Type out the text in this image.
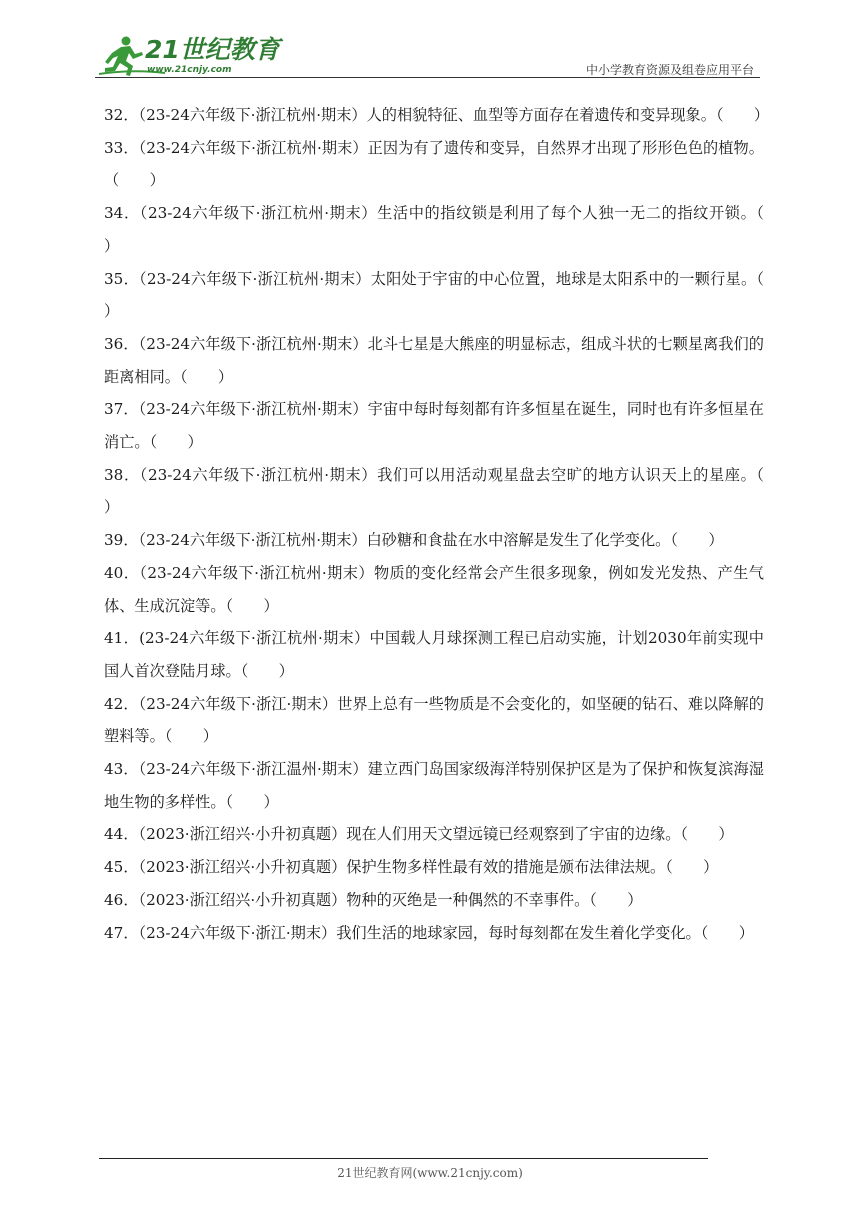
21世纪教育
www.21cnjy.com	中小学教育资源及组卷应用平台
32．（23-24六年级下·浙江杭州·期末）人的相貌特征、血型等方面存在着遗传和变异现象。（　　）
33．（23-24六年级下·浙江杭州·期末）正因为有了遗传和变异，自然界才出现了形形色色的植物。（　　）
34．（23-24六年级下·浙江杭州·期末）生活中的指纹锁是利用了每个人独一无二的指纹开锁。（　　）
35．（23-24六年级下·浙江杭州·期末）太阳处于宇宙的中心位置，地球是太阳系中的一颗行星。（　　）
36．（23-24六年级下·浙江杭州·期末）北斗七星是大熊座的明显标志，组成斗状的七颗星离我们的距离相同。（　　）
37．（23-24六年级下·浙江杭州·期末）宇宙中每时每刻都有许多恒星在诞生，同时也有许多恒星在消亡。（　　）
38．（23-24六年级下·浙江杭州·期末）我们可以用活动观星盘去空旷的地方认识天上的星座。（　　）
39．（23-24六年级下·浙江杭州·期末）白砂糖和食盐在水中溶解是发生了化学变化。（　　）
40．（23-24六年级下·浙江杭州·期末）物质的变化经常会产生很多现象，例如发光发热、产生气体、生成沉淀等。（　　）
41．(23-24六年级下·浙江杭州·期末）中国载人月球探测工程已启动实施，计划2030年前实现中国人首次登陆月球。（　　）
42．（23-24六年级下·浙江·期末）世界上总有一些物质是不会变化的，如坚硬的钻石、难以降解的塑料等。（　　）
43．（23-24六年级下·浙江温州·期末）建立西门岛国家级海洋特别保护区是为了保护和恢复滨海湿地生物的多样性。（　　）
44．（2023·浙江绍兴·小升初真题）现在人们用天文望远镜已经观察到了宇宙的边缘。（　　）
45．（2023·浙江绍兴·小升初真题）保护生物多样性最有效的措施是颁布法律法规。（　　）
46．（2023·浙江绍兴·小升初真题）物种的灭绝是一种偶然的不幸事件。（　　）
47．（23-24六年级下·浙江·期末）我们生活的地球家园，每时每刻都在发生着化学变化。（　　）
21世纪教育网(www.21cnjy.com)
